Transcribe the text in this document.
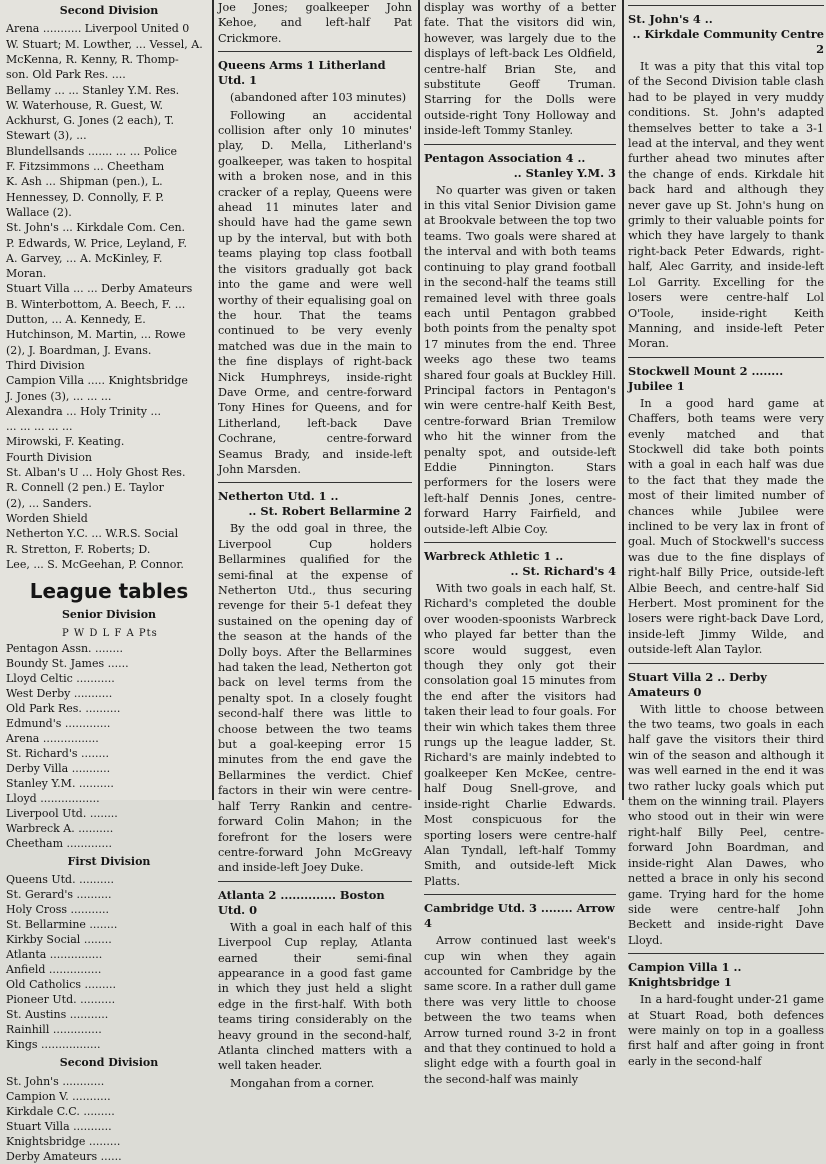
Second Division
Arena ........... Liverpool United 0
W. Stuart; M. Lowther, ... Vessel, A.
McKenna, R. Kenny, R. Thomp-
son. Old Park Res. ....
Bellamy ... ... Stanley Y.M. Res.
W. Waterhouse, R. Guest, W.
Ackhurst, G. Jones (2 each), T.
Stewart (3), ...
Blundellsands ....... ... ... Police
F. Fitzsimmons ... Cheetham
K. Ash ... Shipman (pen.), L.
Hennessey, D. Connolly, F. P.
Wallace (2).
St. John's ... Kirkdale Com. Cen.
P. Edwards, W. Price, Leyland, F.
A. Garvey, ... A. McKinley, F.
Moran.
Stuart Villa ... ... Derby Amateurs
B. Winterbottom, A. Beech, F. ...
Dutton, ... A. Kennedy, E.
Hutchinson, M. Martin, ... Rowe
(2), J. Boardman, J. Evans.
Third Division
Campion Villa ..... Knightsbridge
J. Jones (3), ... ... ...
Alexandra ... Holy Trinity ...
... ... ... ... ...
Mirowski, F. Keating.
Fourth Division
St. Alban's U ... Holy Ghost Res.
R. Connell (2 pen.) E. Taylor
(2), ... Sanders.
Worden Shield
Netherton Y.C. ... W.R.S. Social
R. Stretton, F. Roberts; D.
Lee, ... S. McGeehan, P. Connor.
League tables
Senior Division
P W D L F A Pts
Pentagon Assn. ........
Boundy St. James ......
Lloyd Celtic ...........
West Derby ...........
Old Park Res. ..........
Edmund's .............
Arena ................
St. Richard's ........
Derby Villa ...........
Stanley Y.M. ..........
Lloyd .................
Liverpool Utd. ........
Warbreck A. ..........
Cheetham .............
First Division
Queens Utd. ..........
St. Gerard's ..........
Holy Cross ...........
St. Bellarmine ........
Kirkby Social ........
Atlanta ...............
Anfield ...............
Old Catholics .........
Pioneer Utd. ..........
St. Austins ...........
Rainhill ..............
Kings .................
Second Division
St. John's ............
Campion V. ...........
Kirkdale C.C. .........
Stuart Villa ...........
Knightsbridge .........
Derby Amateurs ......

Joe Jones; goalkeeper John Kehoe, and left-half Pat Crickmore.

Queens Arms 1 Litherland Utd. 1

(abandoned after 103 minutes)

Following an accidental collision after only 10 minutes' play, D. Mella, Litherland's goalkeeper, was taken to hospital with a broken nose, and in this cracker of a replay, Queens were ahead 11 minutes later and should have had the game sewn up by the interval, but with both teams playing top class football the visitors gradually got back into the game and were well worthy of their equalising goal on the hour. That the teams continued to be very evenly matched was due in the main to the fine displays of right-back Nick Humphreys, inside-right Dave Orme, and centre-forward Tony Hines for Queens, and for Litherland, left-back Dave Cochrane, centre-forward Seamus Brady, and inside-left John Marsden.

Netherton Utd. 1 ..
.. St. Robert Bellarmine 2

By the odd goal in three, the Liverpool Cup holders Bellarmines qualified for the semi-final at the expense of Netherton Utd., thus securing revenge for their 5-1 defeat they sustained on the opening day of the season at the hands of the Dolly boys. After the Bellarmines had taken the lead, Netherton got back on level terms from the penalty spot. In a closely fought second-half there was little to choose between the two teams but a goal-keeping error 15 minutes from the end gave the Bellarmines the verdict. Chief factors in their win were centre-half Terry Rankin and centre-forward Colin Mahon; in the forefront for the losers were centre-forward John McGreavy and inside-left Joey Duke.

Atlanta 2 .............. Boston Utd. 0

With a goal in each half of this Liverpool Cup replay, Atlanta earned their semi-final appearance in a good fast game in which they just held a slight edge in the first-half. With both teams tiring considerably on the heavy ground in the second-half, Atlanta clinched matters with a well taken header.

Mongahan from a corner.

display was worthy of a better fate. That the visitors did win, however, was largely due to the displays of left-back Les Oldfield, centre-half Brian Ste, and substitute Geoff Truman. Starring for the Dolls were outside-right Tony Holloway and inside-left Tommy Stanley.

Pentagon Association 4 ..
.. Stanley Y.M. 3

No quarter was given or taken in this vital Senior Division game at Brookvale between the top two teams. Two goals were shared at the interval and with both teams continuing to play grand football in the second-half the teams still remained level with three goals each until Pentagon grabbed both points from the penalty spot 17 minutes from the end. Three weeks ago these two teams shared four goals at Buckley Hill. Principal factors in Pentagon's win were centre-half Keith Best, centre-forward Brian Tremilow who hit the winner from the penalty spot, and outside-left Eddie Pinnington. Stars performers for the losers were left-half Dennis Jones, centre-forward Harry Fairfield, and outside-left Albie Coy.

Warbreck Athletic 1 ..
.. St. Richard's 4

With two goals in each half, St. Richard's completed the double over wooden-spoonists Warbreck who played far better than the score would suggest, even though they only got their consolation goal 15 minutes from the end after the visitors had taken their lead to four goals. For their win which takes them three rungs up the league ladder, St. Richard's are mainly indebted to goalkeeper Ken McKee, centre-half Doug Snell-grove, and inside-right Charlie Edwards. Most conspicuous for the sporting losers were centre-half Alan Tyndall, left-half Tommy Smith, and outside-left Mick Platts.

Cambridge Utd. 3 ........ Arrow 4

Arrow continued last week's cup win when they again accounted for Cambridge by the same score. In a rather dull game there was very little to choose between the two teams when Arrow turned round 3-2 in front and that they continued to hold a slight edge with a fourth goal in the second-half was mainly

St. John's 4 ..
.. Kirkdale Community Centre 2

It was a pity that this vital top of the Second Division table clash had to be played in very muddy conditions. St. John's adapted themselves better to take a 3-1 lead at the interval, and they went further ahead two minutes after the change of ends. Kirkdale hit back hard and although they never gave up St. John's hung on grimly to their valuable points for which they have largely to thank right-back Peter Edwards, right-half, Alec Garrity, and inside-left Lol Garrity. Excelling for the losers were centre-half Lol O'Toole, inside-right Keith Manning, and inside-left Peter Moran.

Stockwell Mount 2 ........ Jubilee 1

In a good hard game at Chaffers, both teams were very evenly matched and that Stockwell did take both points with a goal in each half was due to the fact that they made the most of their limited number of chances while Jubilee were inclined to be very lax in front of goal. Much of Stockwell's success was due to the fine displays of right-half Billy Price, outside-left Albie Beech, and centre-half Sid Herbert. Most prominent for the losers were right-back Dave Lord, inside-left Jimmy Wilde, and outside-left Alan Taylor.

Stuart Villa 2 .. Derby Amateurs 0

With little to choose between the two teams, two goals in each half gave the visitors their third win of the season and although it was well earned in the end it was two rather lucky goals which put them on the winning trail. Players who stood out in their win were right-half Billy Peel, centre-forward John Boardman, and inside-right Alan Dawes, who netted a brace in only his second game. Trying hard for the home side were centre-half John Beckett and inside-right Dave Lloyd.

Campion Villa 1 .. Knightsbridge 1

In a hard-fought under-21 game at Stuart Road, both defences were mainly on top in a goalless first half and after going in front early in the second-half
